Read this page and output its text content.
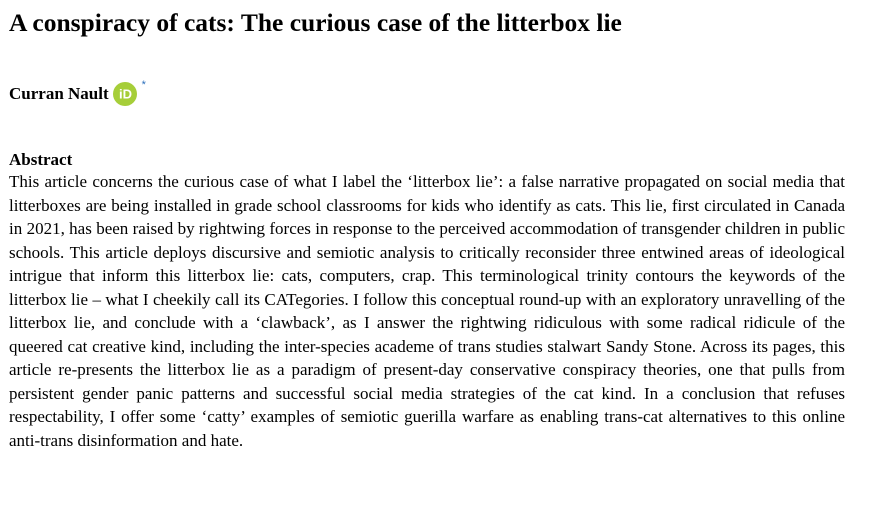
A conspiracy of cats: The curious case of the litterbox lie
Curran Nault iD
*
Abstract

This article concerns the curious case of what I label the ‘litterbox lie’: a false narrative propagated on social media that litterboxes are being installed in grade school classrooms for kids who identify as cats. This lie, first circulated in Canada in 2021, has been raised by rightwing forces in response to the perceived accommodation of transgender children in public schools. This article deploys discursive and semiotic analysis to critically reconsider three entwined areas of ideological intrigue that inform this litterbox lie: cats, computers, crap. This terminological trinity contours the keywords of the litterbox lie – what I cheekily call its CATegories. I follow this conceptual round-up with an exploratory unravelling of the litterbox lie, and conclude with a ‘clawback’, as I answer the rightwing ridiculous with some radical ridicule of the queered cat creative kind, including the inter-species academe of trans studies stalwart Sandy Stone. Across its pages, this article re-presents the litterbox lie as a paradigm of present-day conservative conspiracy theories, one that pulls from persistent gender panic patterns and successful social media strategies of the cat kind. In a conclusion that refuses respectability, I offer some ‘catty’ examples of semiotic guerilla warfare as enabling trans-cat alternatives to this online anti-trans disinformation and hate.
